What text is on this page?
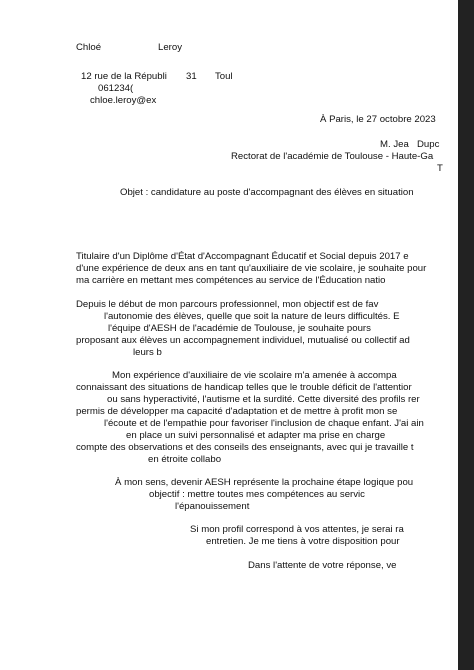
Chloé	Leroy
12 rue de la Républi	31 Toul
061234(
chloe.leroy@ex
À Paris, le 27 octobre 2023
M. Jea Dupc
Rectorat de l'académie de Toulouse - Haute-Ga
T
Objet : candidature au poste d'accompagnant des élèves en situation
Titulaire d'un Diplôme d'État d'Accompagnant Éducatif et Social depuis 2017 e
d'une expérience de deux ans en tant qu'auxiliaire de vie scolaire, je souhaite pour
ma carrière en mettant mes compétences au service de l'Éducation natio
Depuis le début de mon parcours professionnel, mon objectif est de fav
l'autonomie des élèves, quelle que soit la nature de leurs difficultés. E
l'équipe d'AESH de l'académie de Toulouse, je souhaite pours
proposant aux élèves un accompagnement individuel, mutualisé ou collectif ad
leurs b
Mon expérience d'auxiliaire de vie scolaire m'a amenée à accompa
connaissant des situations de handicap telles que le trouble déficit de l'attentior
ou sans hyperactivité, l'autisme et la surdité. Cette diversité des profils rer
permis de développer ma capacité d'adaptation et de mettre à profit mon se
l'écoute et de l'empathie pour favoriser l'inclusion de chaque enfant. J'ai ain
en place un suivi personnalisé et adapter ma prise en charge
compte des observations et des conseils des enseignants, avec qui je travaille t
en étroite collabo
À mon sens, devenir AESH représente la prochaine étape logique pou
objectif : mettre toutes mes compétences au servic
l'épanouissement
Si mon profil correspond à vos attentes, je serai ra
entretien. Je me tiens à votre disposition pour
Dans l'attente de votre réponse, ve
